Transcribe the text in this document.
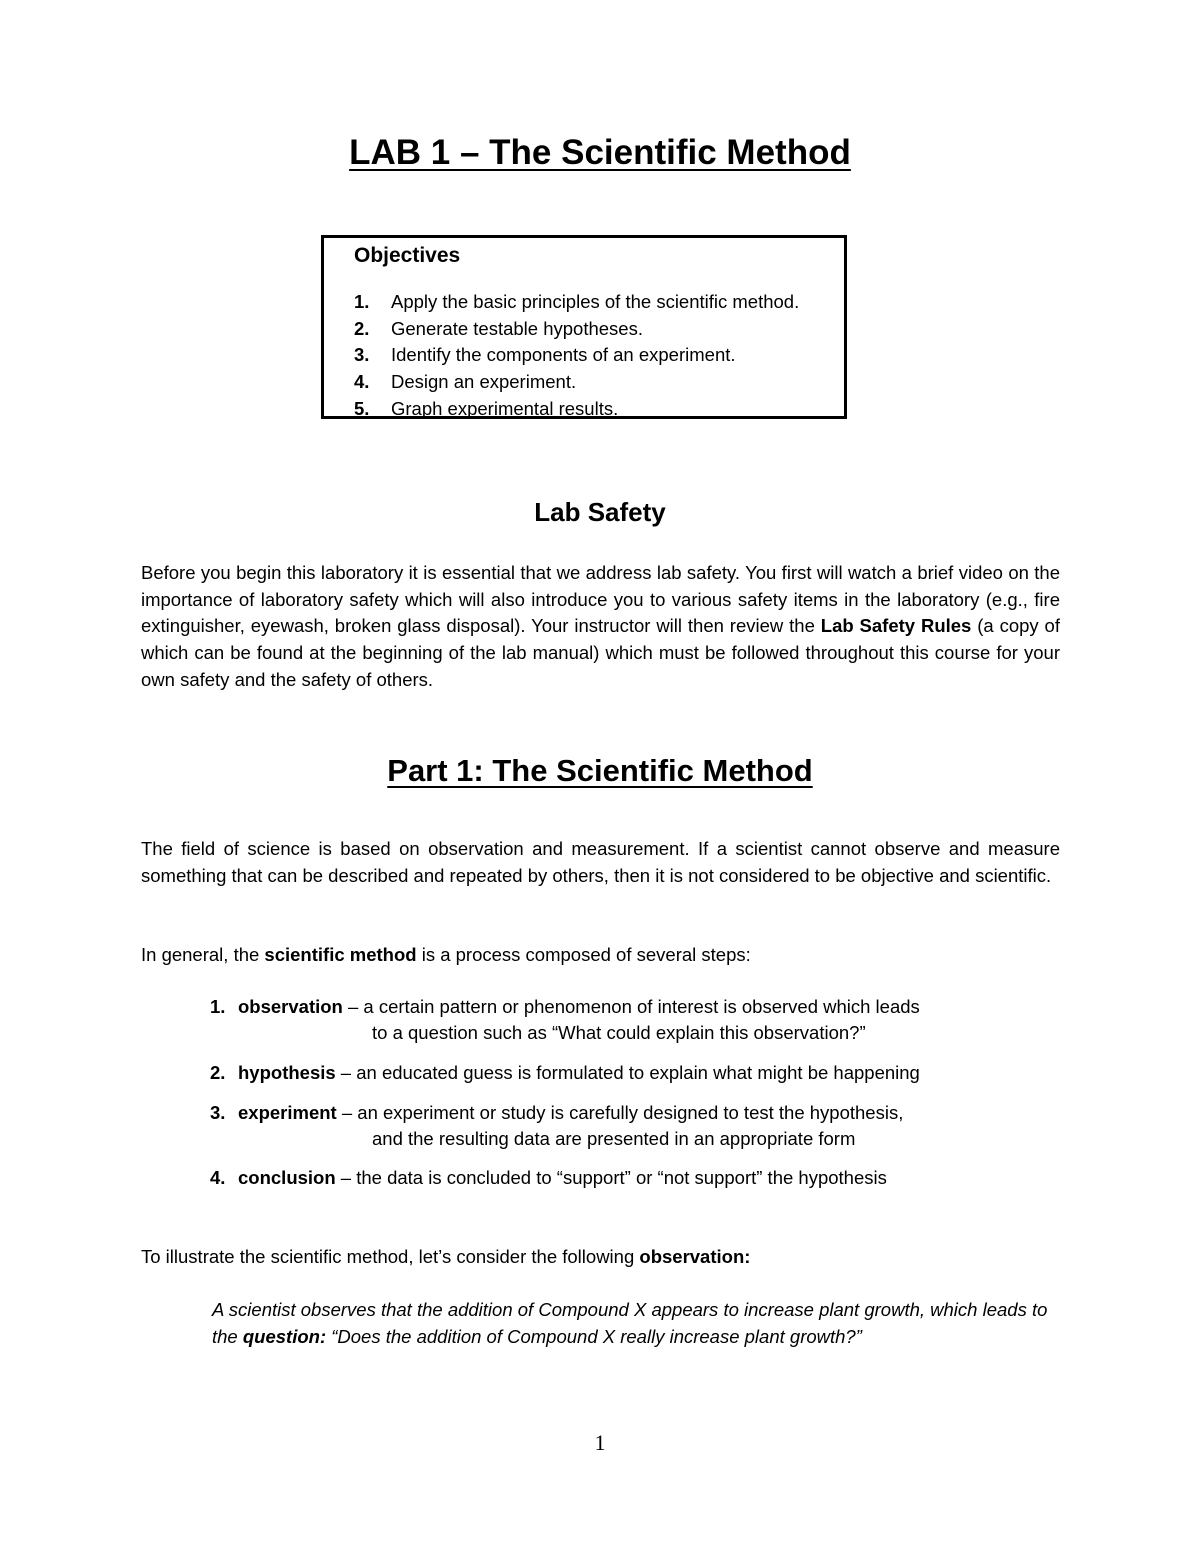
LAB 1 – The Scientific Method
Objectives
1. Apply the basic principles of the scientific method.
2. Generate testable hypotheses.
3. Identify the components of an experiment.
4. Design an experiment.
5. Graph experimental results.
Lab Safety

Before you begin this laboratory it is essential that we address lab safety. You first will watch a brief video on the importance of laboratory safety which will also introduce you to various safety items in the laboratory (e.g., fire extinguisher, eyewash, broken glass disposal). Your instructor will then review the Lab Safety Rules (a copy of which can be found at the beginning of the lab manual) which must be followed throughout this course for your own safety and the safety of others.

Part 1: The Scientific Method

The field of science is based on observation and measurement. If a scientist cannot observe and measure something that can be described and repeated by others, then it is not considered to be objective and scientific.

In general, the scientific method is a process composed of several steps:

1. observation – a certain pattern or phenomenon of interest is observed which leads
to a question such as “What could explain this observation?”
2. hypothesis – an educated guess is formulated to explain what might be happening
3. experiment – an experiment or study is carefully designed to test the hypothesis,
and the resulting data are presented in an appropriate form
4. conclusion – the data is concluded to “support” or “not support” the hypothesis

To illustrate the scientific method, let’s consider the following observation:

A scientist observes that the addition of Compound X appears to increase plant growth, which leads to the question: “Does the addition of Compound X really increase plant growth?”

1
